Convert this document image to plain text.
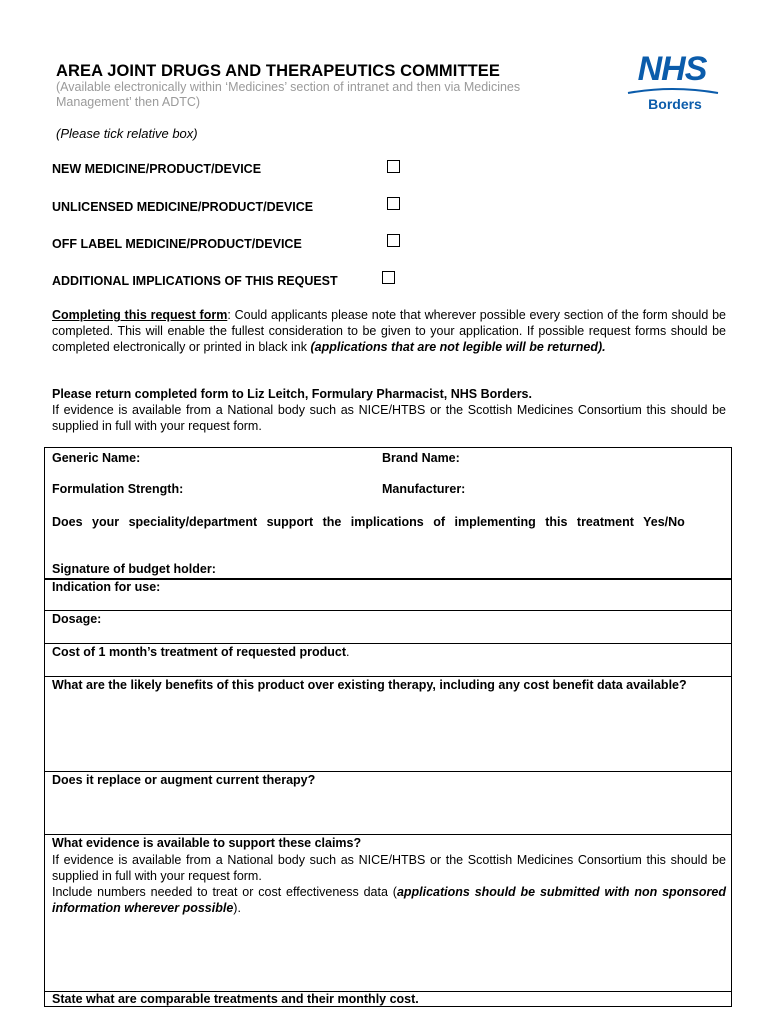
AREA JOINT DRUGS AND THERAPEUTICS COMMITTEE
(Available electronically within ‘Medicines’ section of intranet and then via Medicines Management’ then ADTC)
NHS
Borders
(Please tick relative box)
NEW MEDICINE/PRODUCT/DEVICE
UNLICENSED MEDICINE/PRODUCT/DEVICE
OFF LABEL MEDICINE/PRODUCT/DEVICE
ADDITIONAL IMPLICATIONS OF THIS REQUEST
Completing this request form: Could applicants please note that wherever possible every section of the form should be completed. This will enable the fullest consideration to be given to your application. If possible request forms should be completed electronically or printed in black ink (applications that are not legible will be returned).
Please return completed form to Liz Leitch, Formulary Pharmacist, NHS Borders.
If evidence is available from a National body such as NICE/HTBS or the Scottish Medicines Consortium this should be supplied in full with your request form.
Generic Name:	Brand Name:
Formulation Strength:	Manufacturer:
Does your speciality/department support the implications of implementing this treatment Yes/No
Signature of budget holder:
Indication for use:
Dosage:
Cost of 1 month’s treatment of requested product.
What are the likely benefits of this product over existing therapy, including any cost benefit data available?
Does it replace or augment current therapy?
What evidence is available to support these claims?
If evidence is available from a National body such as NICE/HTBS or the Scottish Medicines Consortium this should be supplied in full with your request form.
Include numbers needed to treat or cost effectiveness data (applications should be submitted with non sponsored information wherever possible).
State what are comparable treatments and their monthly cost.
